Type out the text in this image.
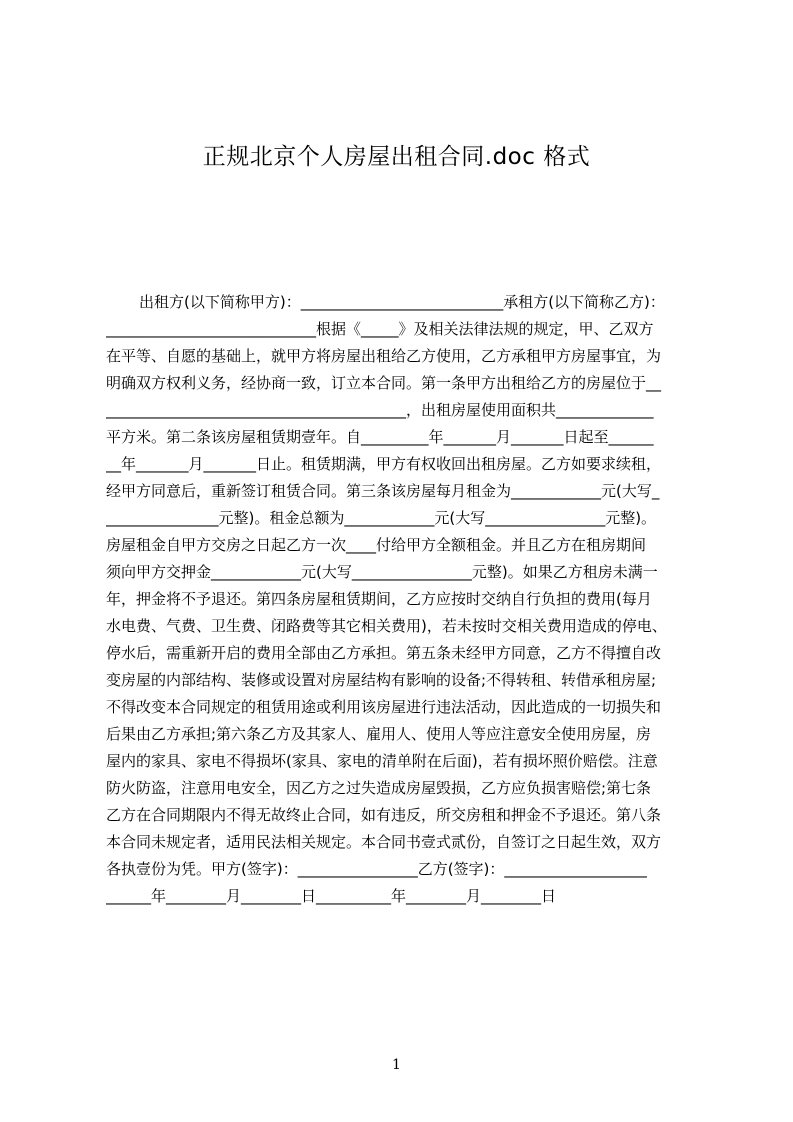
正规北京个人房屋出租合同.doc 格式
出租方(以下简称甲方)：___________________________承租方(以下简称乙方)：
____________________________根据《_____》及相关法律法规的规定，甲、乙双方
在平等、自愿的基础上，就甲方将房屋出租给乙方使用，乙方承租甲方房屋事宜，为
明确双方权利义务，经协商一致，订立本合同。第一条甲方出租给乙方的房屋位于__
________________________________________，出租房屋使用面积共_____________
平方米。第二条该房屋租赁期壹年。自_________年_______月_______日起至______
__年_______月_______日止。租赁期满，甲方有权收回出租房屋。乙方如要求续租，
经甲方同意后，重新签订租赁合同。第三条该房屋每月租金为____________元(大写_
_______________元整)。租金总额为____________元(大写________________元整)。
房屋租金自甲方交房之日起乙方一次____付给甲方全额租金。并且乙方在租房期间
须向甲方交押金____________元(大写________________元整)。如果乙方租房未满一
年，押金将不予退还。第四条房屋租赁期间，乙方应按时交纳自行负担的费用(每月
水电费、气费、卫生费、闭路费等其它相关费用)，若未按时交相关费用造成的停电、
停水后，需重新开启的费用全部由乙方承担。第五条未经甲方同意，乙方不得擅自改
变房屋的内部结构、装修或设置对房屋结构有影响的设备;不得转租、转借承租房屋;
不得改变本合同规定的租赁用途或利用该房屋进行违法活动，因此造成的一切损失和
后果由乙方承担;第六条乙方及其家人、雇用人、使用人等应注意安全使用房屋，房
屋内的家具、家电不得损坏(家具、家电的清单附在后面)，若有损坏照价赔偿。注意
防火防盗，注意用电安全，因乙方之过失造成房屋毁损，乙方应负损害赔偿;第七条
乙方在合同期限内不得无故终止合同，如有违反，所交房租和押金不予退还。第八条
本合同未规定者，适用民法相关规定。本合同书壹式贰份，自签订之日起生效，双方
各执壹份为凭。甲方(签字)：________________乙方(签字)：___________________
______年________月________日__________年________月________日
1
